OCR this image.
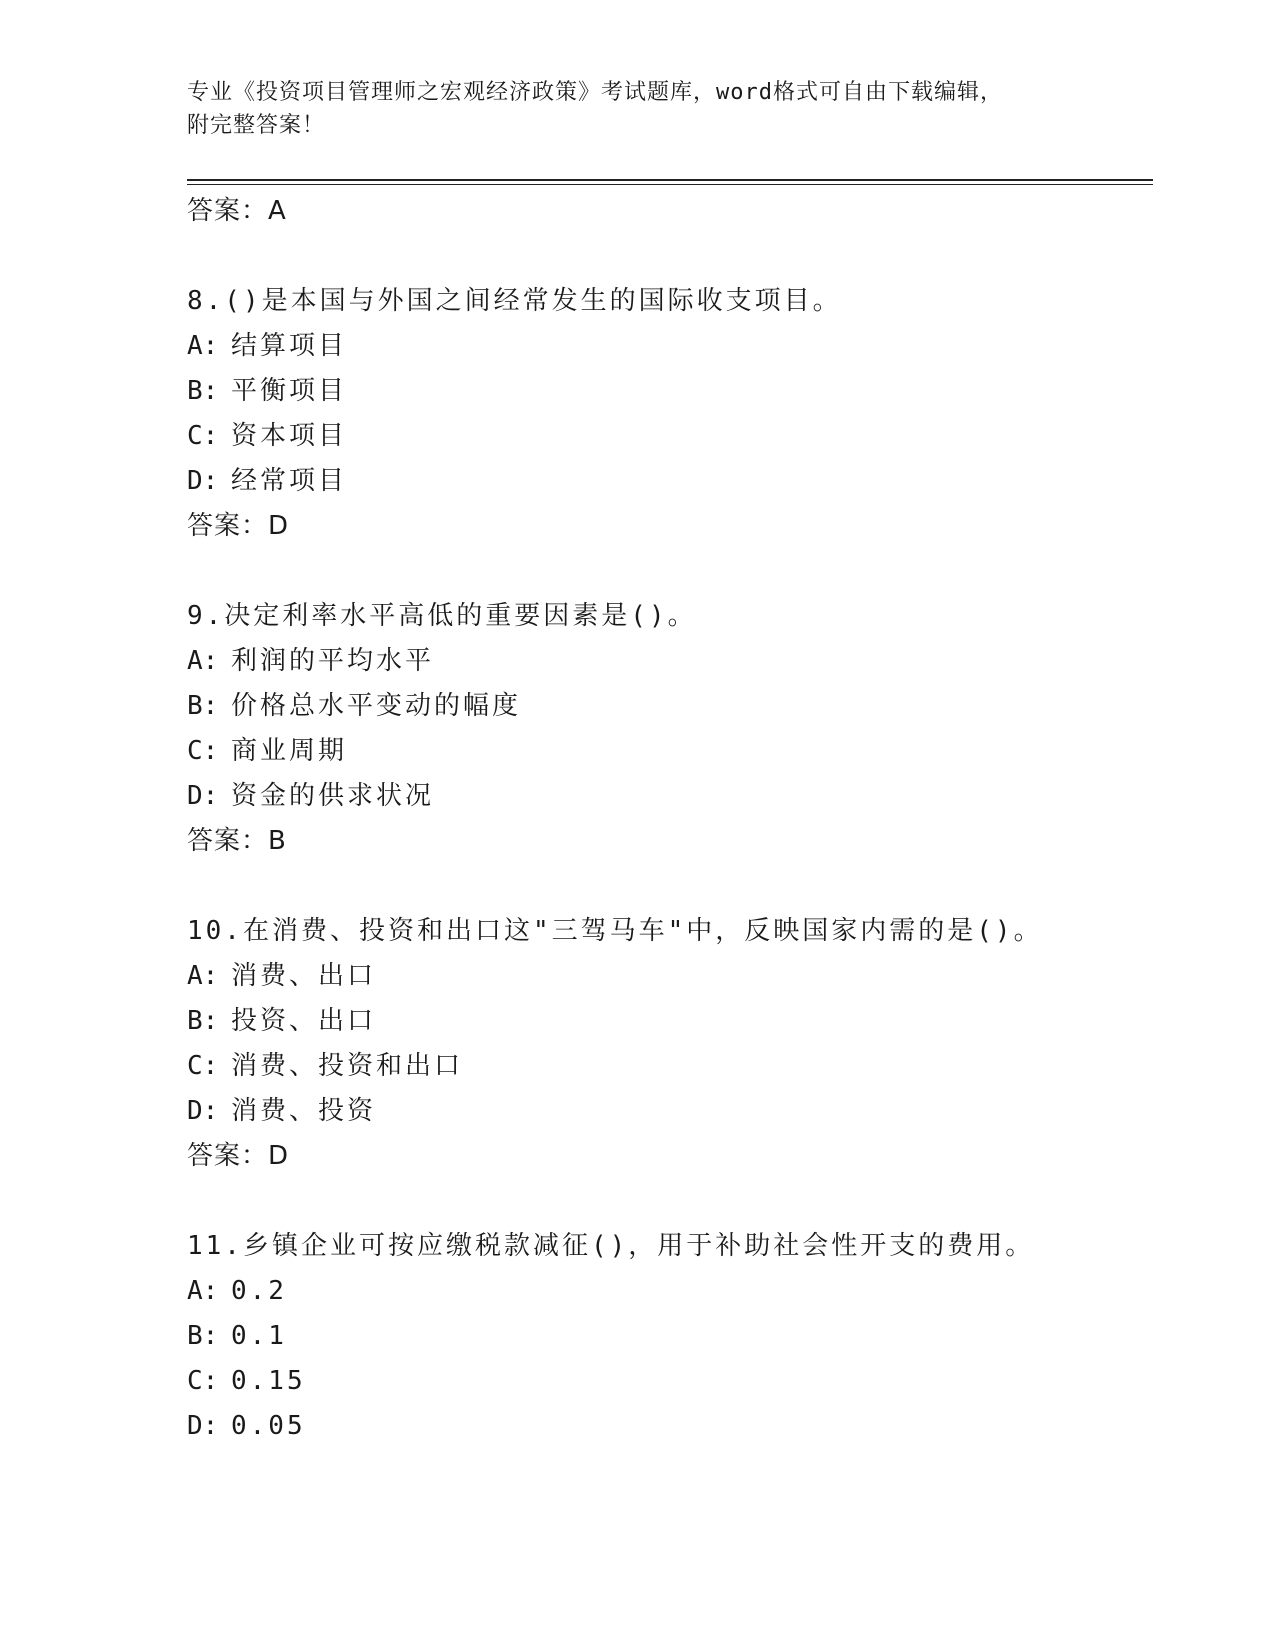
专业《投资项目管理师之宏观经济政策》考试题库，word格式可自由下载编辑，
附完整答案！
答案：A
8.()是本国与外国之间经常发生的国际收支项目。
A: 结算项目
B: 平衡项目
C: 资本项目
D: 经常项目
答案：D
9.决定利率水平高低的重要因素是()。
A: 利润的平均水平
B: 价格总水平变动的幅度
C: 商业周期
D: 资金的供求状况
答案：B
10.在消费、投资和出口这"三驾马车"中，反映国家内需的是()。
A: 消费、出口
B: 投资、出口
C: 消费、投资和出口
D: 消费、投资
答案：D
11.乡镇企业可按应缴税款减征()，用于补助社会性开支的费用。
A: 0.2
B: 0.1
C: 0.15
D: 0.05
